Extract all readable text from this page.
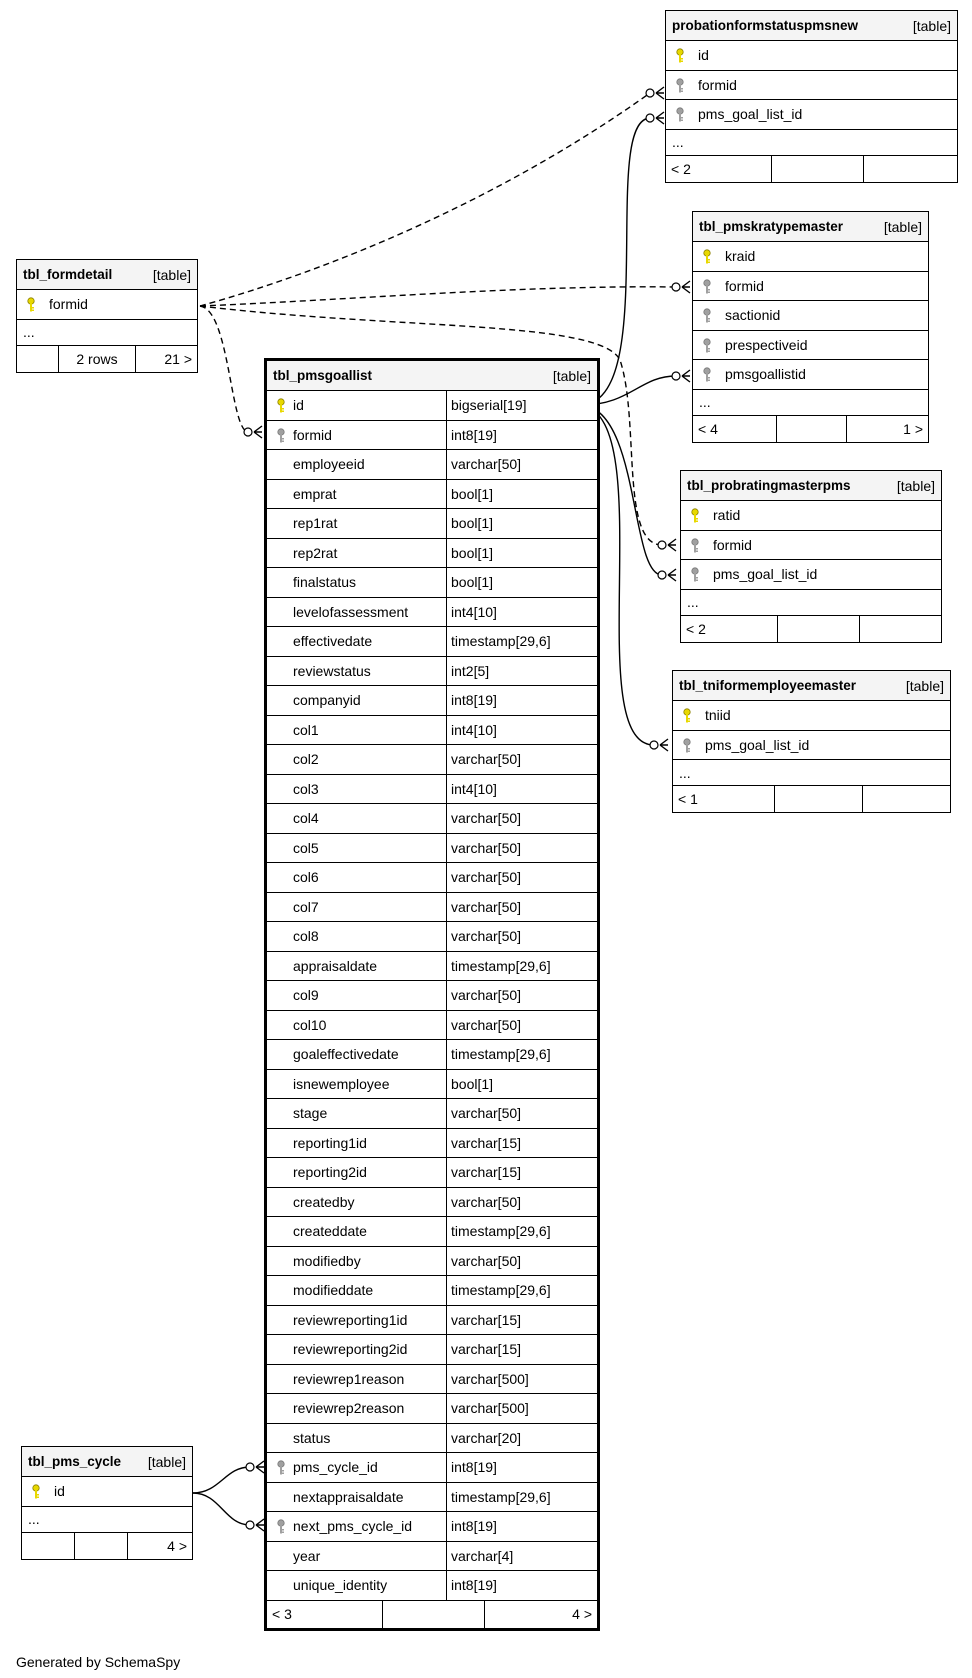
probationformstatuspmsnew	[table]
id
formid
pms_goal_list_id
...
< 2
tbl_pmskratypemaster	[table]
kraid
formid
sactionid
prespectiveid
pmsgoallistid
...
< 4	1 >
tbl_formdetail	[table]
formid
...
2 rows	21 >
tbl_probratingmasterpms	[table]
ratid
formid
pms_goal_list_id
...
< 2
tbl_tniformemployeemaster	[table]
tniid
pms_goal_list_id
...
< 1
tbl_pms_cycle [table]
id
...
4 >
tbl_pmsgoallist	[table]
id	bigserial[19]
formid	int8[19]
employeeid	varchar[50]
emprat	bool[1]
rep1rat	bool[1]
rep2rat	bool[1]
finalstatus	bool[1]
levelofassessment	int4[10]
effectivedate	timestamp[29,6]
reviewstatus	int2[5]
companyid	int8[19]
col1	int4[10]
col2	varchar[50]
col3	int4[10]
col4	varchar[50]
col5	varchar[50]
col6	varchar[50]
col7	varchar[50]
col8	varchar[50]
appraisaldate	timestamp[29,6]
col9	varchar[50]
col10	varchar[50]
goaleffectivedate	timestamp[29,6]
isnewemployee	bool[1]
stage	varchar[50]
reporting1id	varchar[15]
reporting2id	varchar[15]
createdby	varchar[50]
createddate	timestamp[29,6]
modifiedby	varchar[50]
modifieddate	timestamp[29,6]
reviewreporting1id	varchar[15]
reviewreporting2id	varchar[15]
reviewrep1reason	varchar[500]
reviewrep2reason	varchar[500]
status	varchar[20]
pms_cycle_id	int8[19]
nextappraisaldate	timestamp[29,6]
next_pms_cycle_id	int8[19]
year	varchar[4]
unique_identity	int8[19]
< 3	4 >
Generated by SchemaSpy
